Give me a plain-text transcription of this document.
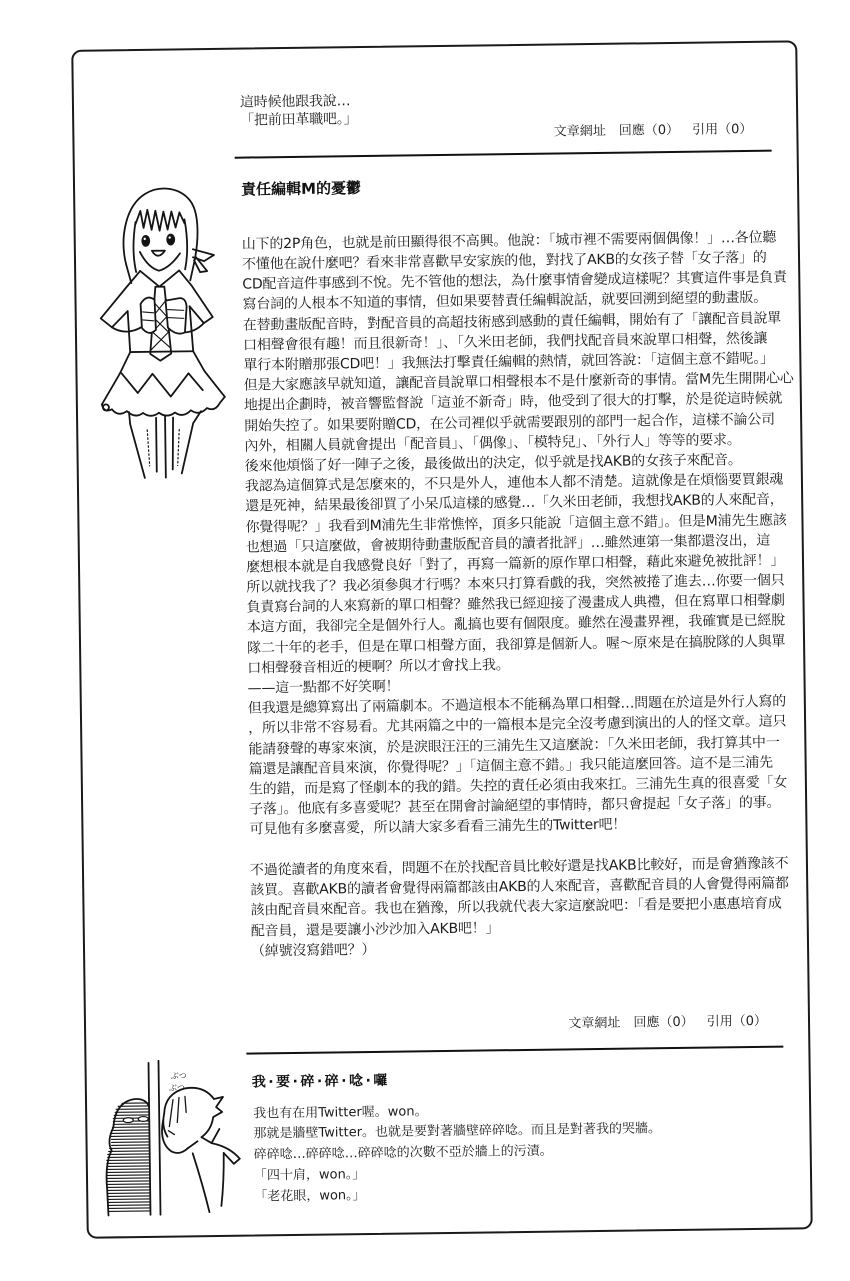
這時候他跟我說…
「把前田革職吧。」
文章網址 回應（0） 引用（0）
責任編輯M的憂鬱
山下的2P角色，也就是前田顯得很不高興。他說：「城市裡不需要兩個偶像！」…各位聽
不懂他在說什麼吧？看來非常喜歡早安家族的他，對找了AKB的女孩子替「女子落」的
CD配音這件事感到不悅。先不管他的想法，為什麼事情會變成這樣呢？其實這件事是負責
寫台詞的人根本不知道的事情，但如果要替責任編輯說話，就要回溯到絕望的動畫版。
在替動畫版配音時，對配音員的高超技術感到感動的責任編輯，開始有了「讓配音員說單
口相聲會很有趣！而且很新奇！」、「久米田老師，我們找配音員來說單口相聲，然後讓
單行本附贈那張CD吧！」我無法打擊責任編輯的熱情，就回答說：「這個主意不錯呢。」
但是大家應該早就知道，讓配音員說單口相聲根本不是什麼新奇的事情。當M先生開開心心
地提出企劃時，被音響監督說「這並不新奇」時，他受到了很大的打擊，於是從這時候就
開始失控了。如果要附贈CD，在公司裡似乎就需要跟別的部門一起合作，這樣不論公司
內外，相關人員就會提出「配音員」、「偶像」、「模特兒」、「外行人」等等的要求。
後來他煩惱了好一陣子之後，最後做出的決定，似乎就是找AKB的女孩子來配音。
我認為這個算式是怎麼來的，不只是外人，連他本人都不清楚。這就像是在煩惱要買銀魂
還是死神，結果最後卻買了小呆瓜這樣的感覺…「久米田老師，我想找AKB的人來配音，
你覺得呢？」我看到M浦先生非常憔悴，頂多只能說「這個主意不錯」。但是M浦先生應該
也想過「只這麼做，會被期待動畫版配音員的讀者批評」…雖然連第一集都還沒出，這
麼想根本就是自我感覺良好「對了，再寫一篇新的原作單口相聲，藉此來避免被批評！」
所以就找我了？我必須參與才行嗎？本來只打算看戲的我，突然被捲了進去…你要一個只
負責寫台詞的人來寫新的單口相聲？雖然我已經迎接了漫畫成人典禮，但在寫單口相聲劇
本這方面，我卻完全是個外行人。亂搞也要有個限度。雖然在漫畫界裡，我確實是已經脫
隊二十年的老手，但是在單口相聲方面，我卻算是個新人。喔～原來是在搞脫隊的人與單
口相聲發音相近的梗啊？所以才會找上我。
——這一點都不好笑啊！
但我還是總算寫出了兩篇劇本。不過這根本不能稱為單口相聲…問題在於這是外行人寫的
，所以非常不容易看。尤其兩篇之中的一篇根本是完全沒考慮到演出的人的怪文章。這只
能請發聲的專家來演，於是淚眼汪汪的三浦先生又這麼說：「久米田老師，我打算其中一
篇還是讓配音員來演，你覺得呢？」「這個主意不錯。」我只能這麼回答。這不是三浦先
生的錯，而是寫了怪劇本的我的錯。失控的責任必須由我來扛。三浦先生真的很喜愛「女
子落」。他底有多喜愛呢？甚至在開會討論絕望的事情時，都只會提起「女子落」的事。
可見他有多麼喜愛，所以請大家多看看三浦先生的Twitter吧！
不過從讀者的角度來看，問題不在於找配音員比較好還是找AKB比較好，而是會猶豫該不
該買。喜歡AKB的讀者會覺得兩篇都該由AKB的人來配音，喜歡配音員的人會覺得兩篇都
該由配音員來配音。我也在猶豫，所以我就代表大家這麼說吧：「看是要把小惠惠培育成
配音員，還是要讓小沙沙加入AKB吧！」
（綽號沒寫錯吧？）
文章網址 回應（0） 引用（0）
我·要·碎·碎·唸·囉
ぶつ
ぶつ
我也有在用Twitter喔。won。
那就是牆壁Twitter。也就是要對著牆壁碎碎唸。而且是對著我的哭牆。
碎碎唸…碎碎唸…碎碎唸的次數不亞於牆上的污漬。
「四十肩，won。」
「老花眼，won。」
